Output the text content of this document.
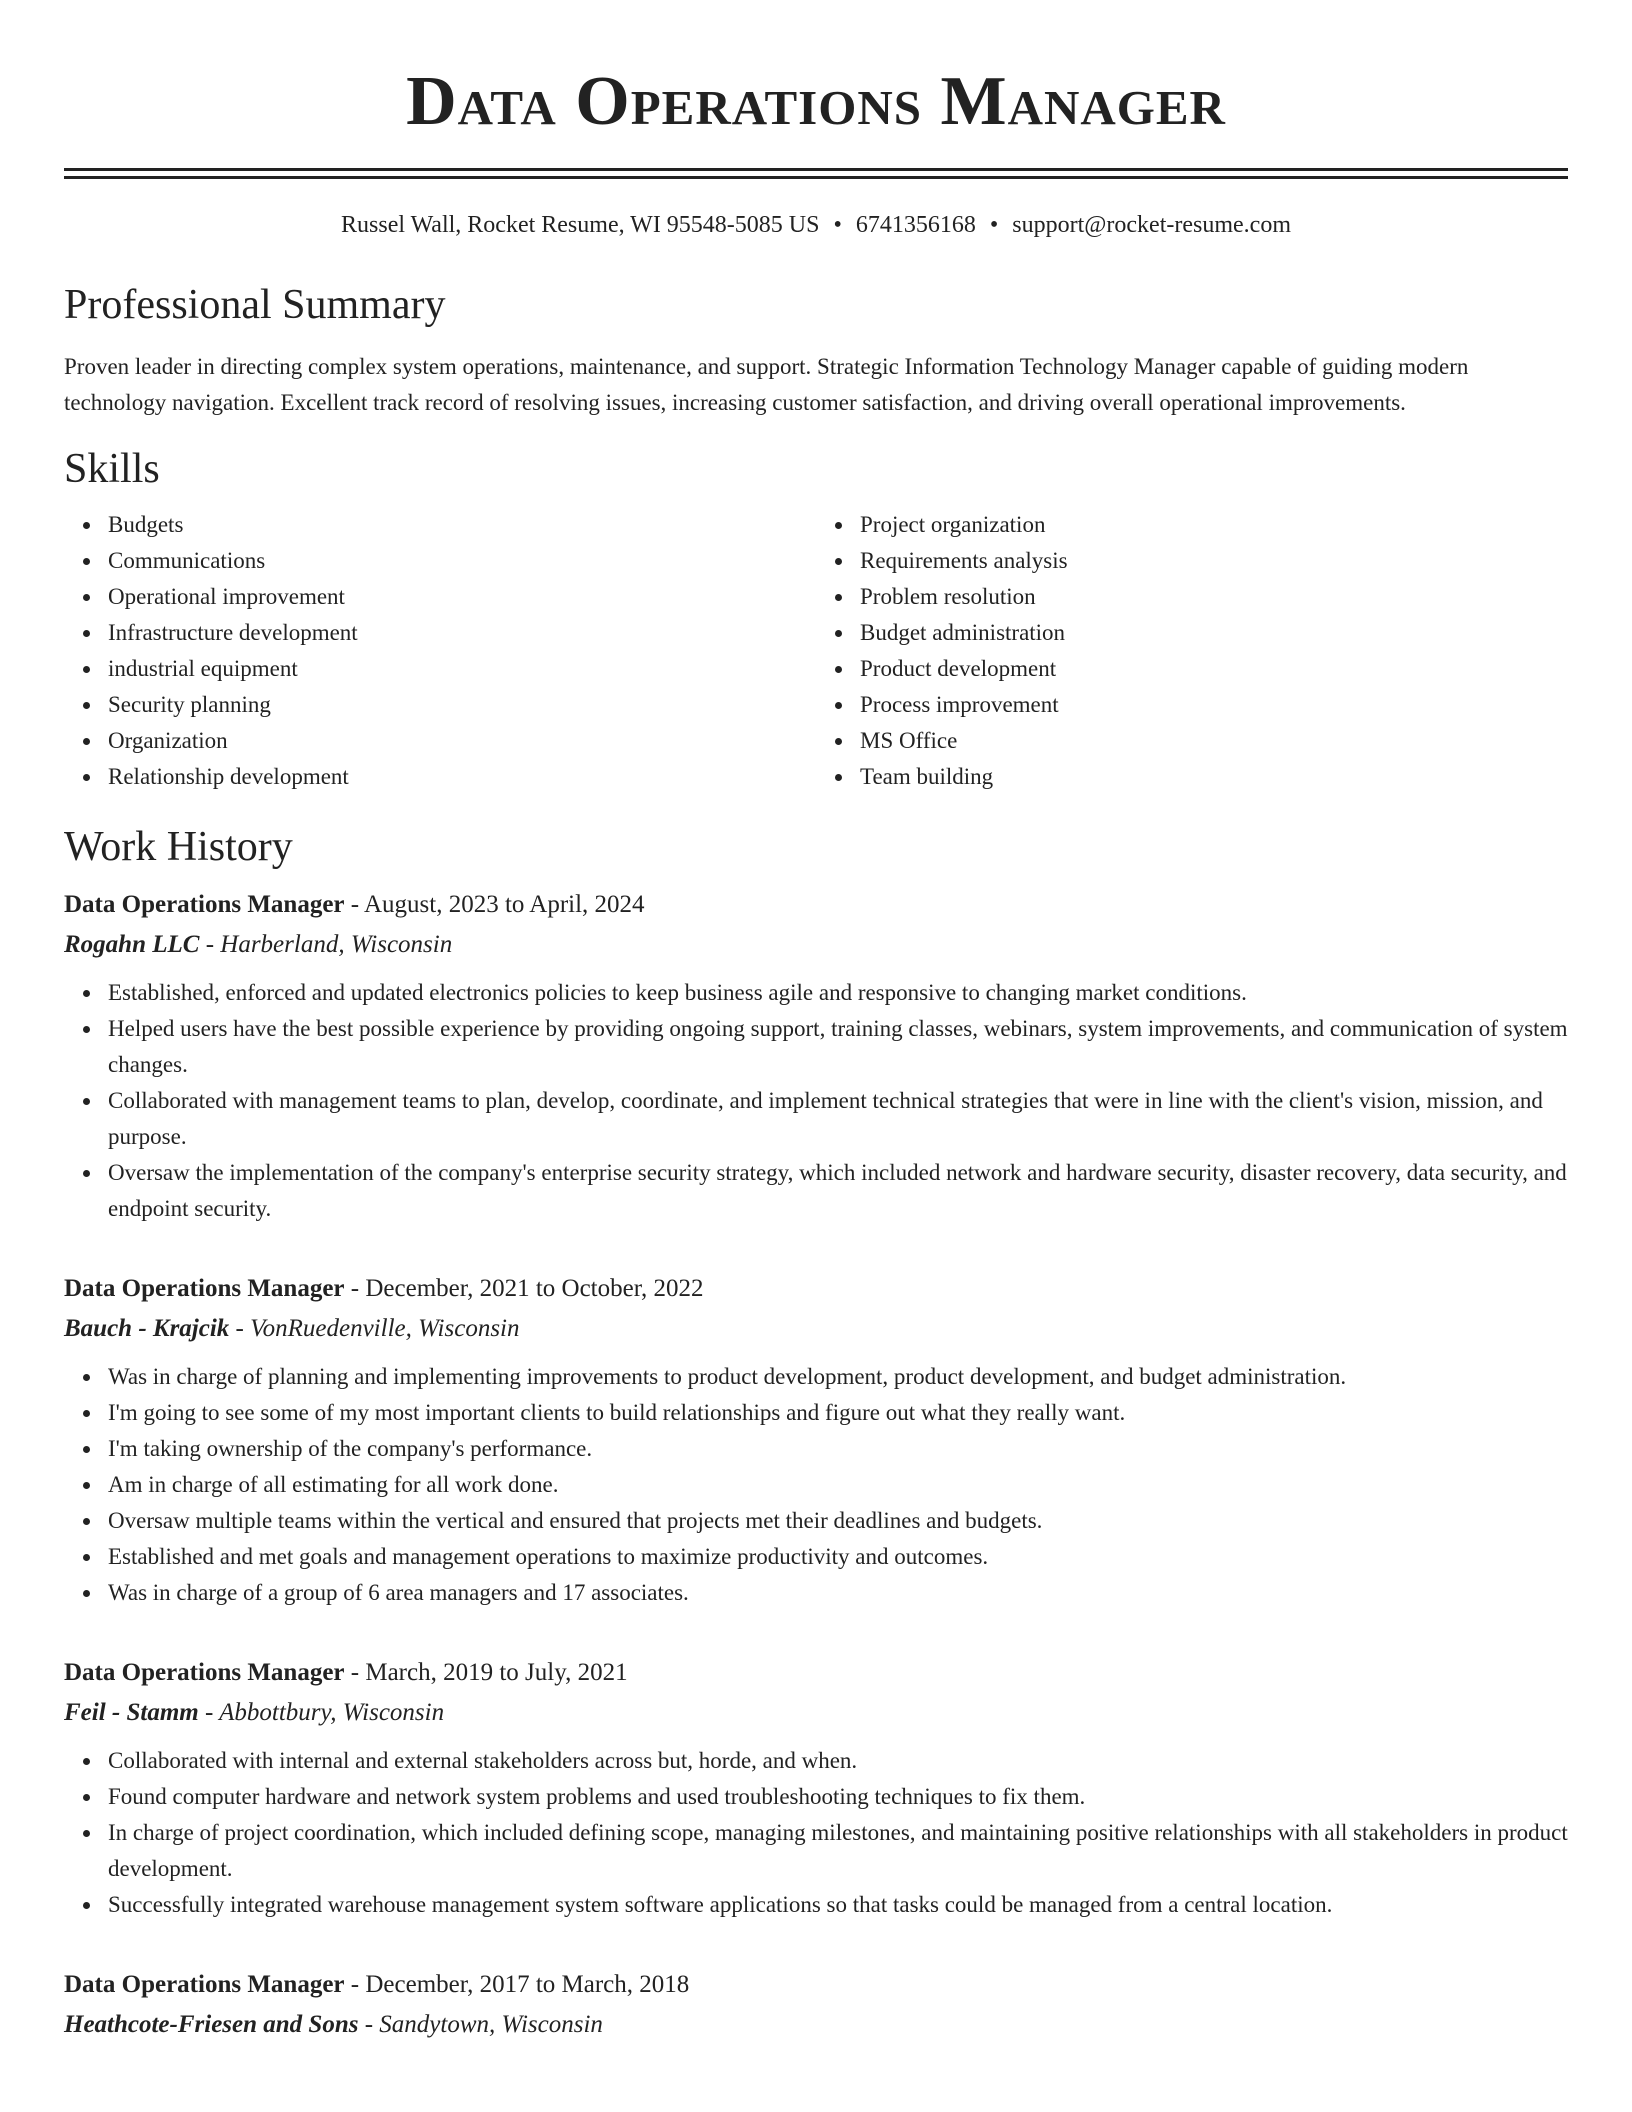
Data Operations Manager
Russel Wall, Rocket Resume, WI 95548-5085 US • 6741356168 • support@rocket-resume.com
Professional Summary

Proven leader in directing complex system operations, maintenance, and support. Strategic Information Technology Manager capable of guiding modern technology navigation. Excellent track record of resolving issues, increasing customer satisfaction, and driving overall operational improvements.

Skills
Budgets
Communications
Operational improvement
Infrastructure development
industrial equipment
Security planning
Organization
Relationship development
Project organization
Requirements analysis
Problem resolution
Budget administration
Product development
Process improvement
MS Office
Team building
Work History
Data Operations Manager - August, 2023 to April, 2024
Rogahn LLC - Harberland, Wisconsin
Established, enforced and updated electronics policies to keep business agile and responsive to changing market conditions.
Helped users have the best possible experience by providing ongoing support, training classes, webinars, system improvements, and communication of system changes.
Collaborated with management teams to plan, develop, coordinate, and implement technical strategies that were in line with the client's vision, mission, and purpose.
Oversaw the implementation of the company's enterprise security strategy, which included network and hardware security, disaster recovery, data security, and endpoint security.
Data Operations Manager - December, 2021 to October, 2022
Bauch - Krajcik - VonRuedenville, Wisconsin
Was in charge of planning and implementing improvements to product development, product development, and budget administration.
I'm going to see some of my most important clients to build relationships and figure out what they really want.
I'm taking ownership of the company's performance.
Am in charge of all estimating for all work done.
Oversaw multiple teams within the vertical and ensured that projects met their deadlines and budgets.
Established and met goals and management operations to maximize productivity and outcomes.
Was in charge of a group of 6 area managers and 17 associates.
Data Operations Manager - March, 2019 to July, 2021
Feil - Stamm - Abbottbury, Wisconsin
Collaborated with internal and external stakeholders across but, horde, and when.
Found computer hardware and network system problems and used troubleshooting techniques to fix them.
In charge of project coordination, which included defining scope, managing milestones, and maintaining positive relationships with all stakeholders in product development.
Successfully integrated warehouse management system software applications so that tasks could be managed from a central location.
Data Operations Manager - December, 2017 to March, 2018
Heathcote-Friesen and Sons - Sandytown, Wisconsin
